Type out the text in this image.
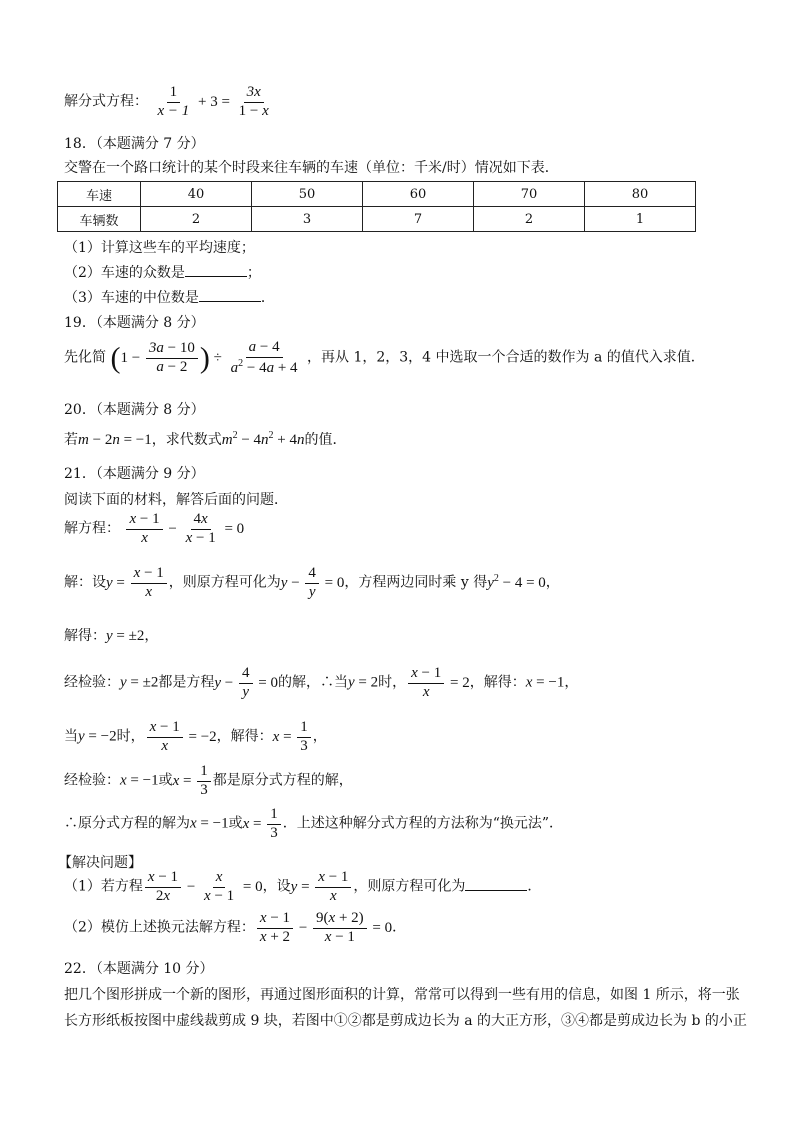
解分式方程： $\frac{1}{x - 1} + 3 = \frac{3x}{1 - x}$
18．（本题满分 7 分）
交警在一个路口统计的某个时段来往车辆的车速（单位：千米/时）情况如下表．
车速	40	50	60	70	80
车辆数	2	3	7	2	1
（1）计算这些车的平均速度；
（2）车速的众数是	；
（3）车速的中位数是	．
19．（本题满分 8 分）
先化简 ($1 - \frac{3a - 10}{a - 2}$ ) ÷ $\frac{a - 4}{a^2 - 4a + 4}$ ，再从 1，2，3，4 中选取一个合适的数作为 a 的值代入求值．
20．（本题满分 8 分）
若m − 2n = −1，求代数式$m^2 - 4n^2 + 4n$的值．
21．（本题满分 9 分）
阅读下面的材料，解答后面的问题．
解方程： $\frac{x - 1}{x} - \frac{4x}{x - 1} = 0$
解：设$y = \frac{x - 1}{x}$ ，则原方程可化为$y - \frac{4}{y} = 0$，方程两边同时乘 y 得$y^2 - 4 = 0$，
解得：y = ±2，
经检验：y = ±2都是方程$y - \frac{4}{y} = 0$的解，∴当y = 2时， $\frac{x - 1}{x} = 2$，解得：x = −1，
当y = −2时， $\frac{x - 1}{x} = -2$，解得：$x = \frac{1}{3}$ ，
经检验：x = −1或$x = \frac{1}{3}$ 都是原分式方程的解，
∴原分式方程的解为x = −1或$x = \frac{1}{3}$ ．上述这种解分式方程的方法称为“换元法”．
【解决问题】
（1）若方程 $\frac{x - 1}{2x} - \frac{x}{x - 1} = 0$，设$y = \frac{x - 1}{x}$ ，则原方程可化为	．
（2）模仿上述换元法解方程： $\frac{x - 1}{x + 2} - \frac{9(x + 2)}{x - 1} = 0$．
22．（本题满分 10 分）
把几个图形拼成一个新的图形，再通过图形面积的计算，常常可以得到一些有用的信息，如图 1 所示，将一张
长方形纸板按图中虚线裁剪成 9 块，若图中①②都是剪成边长为 a 的大正方形，③④都是剪成边长为 b 的小正
